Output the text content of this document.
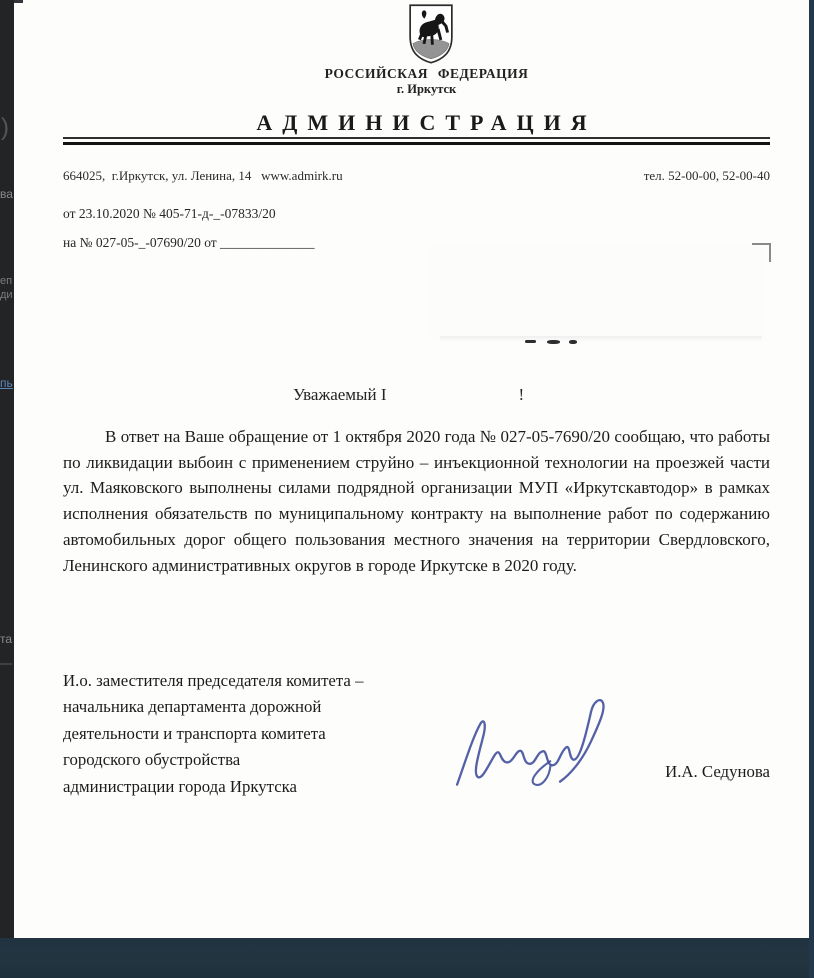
РОССИЙСКАЯ ФЕДЕРАЦИЯ
г. Иркутск
АДМИНИСТРАЦИЯ
664025,  г.Иркутск, ул. Ленина, 14   www.admirk.ru	тел. 52-00-00, 52-00-40
от 23.10.2020 № 405-71-д-_-07833/20
на № 027-05-_-07690/20 от ______________
Уважаемый I	!
В ответ на Ваше обращение от 1 октября 2020 года № 027-05-7690/20 сообщаю, что работы по ликвидации выбоин с применением струйно – инъекционной технологии на проезжей части ул. Маяковского выполнены силами подрядной организации МУП «Иркутскавтодор» в рамках исполнения обязательств по муниципальному контракту на выполнение работ по содержанию автомобильных дорог общего пользования местного значения на территории Свердловского, Ленинского административных округов в городе Иркутске в 2020 году.
И.о. заместителя председателя комитета –
начальника департамента дорожной
деятельности и транспорта комитета
городского обустройства
администрации города Иркутска
И.А. Седунова
)
ва
еп
ди
пь
та
